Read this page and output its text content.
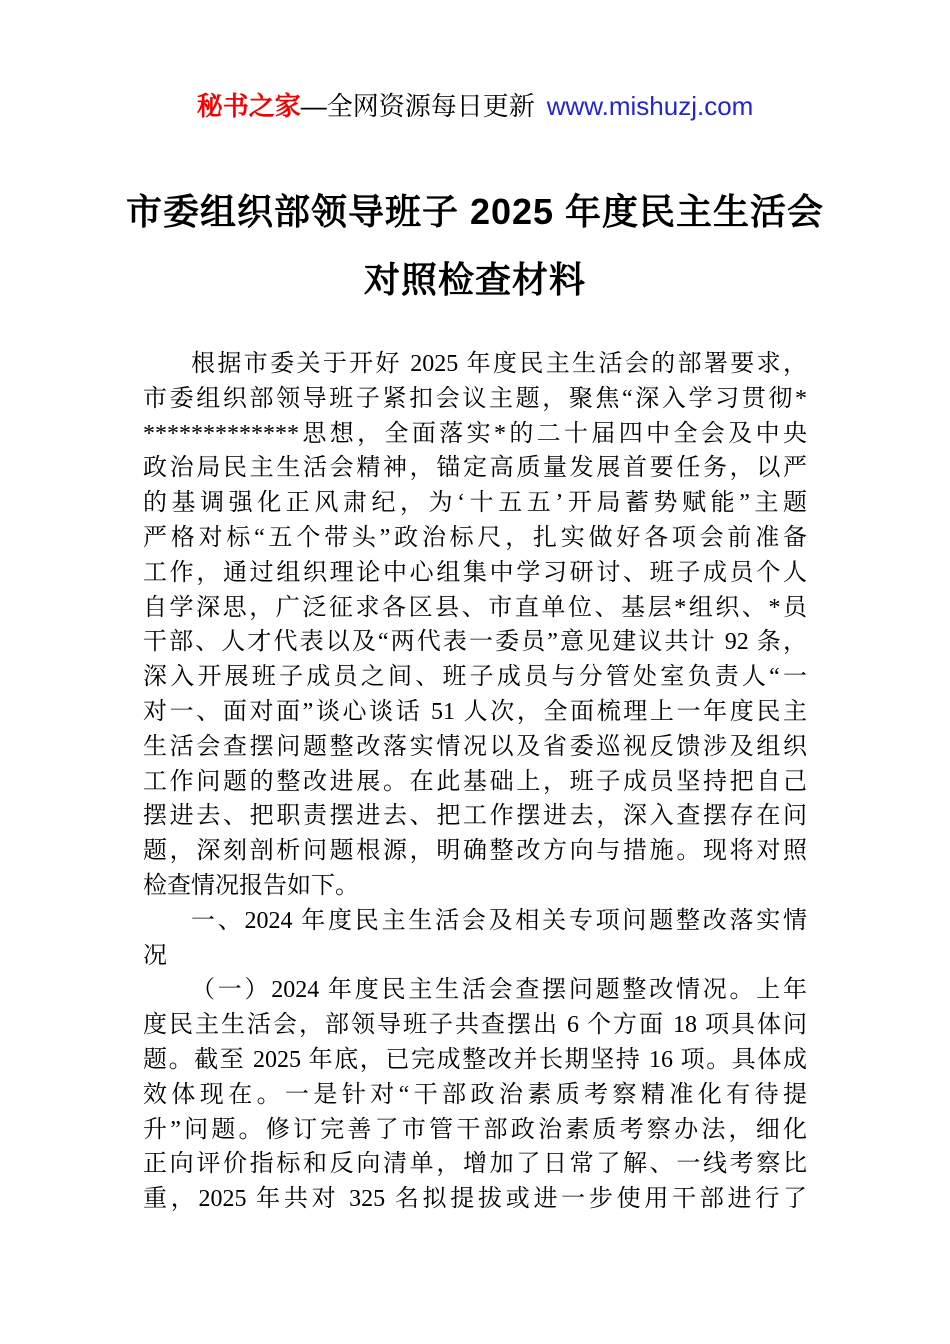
秘书之家—全网资源每日更新 www.mishuzj.com
市委组织部领导班子 2025 年度民主生活会
对照检查材料
根据市委关于开好 2025 年度民主生活会的部署要求，
市委组织部领导班子紧扣会议主题，聚焦“深入学习贯彻*
*************思想，全面落实*的二十届四中全会及中央
政治局民主生活会精神，锚定高质量发展首要任务，以严
的基调强化正风肃纪，为‘十五五’开局蓄势赋能”主题
严格对标“五个带头”政治标尺，扎实做好各项会前准备
工作，通过组织理论中心组集中学习研讨、班子成员个人
自学深思，广泛征求各区县、市直单位、基层*组织、*员
干部、人才代表以及“两代表一委员”意见建议共计 92 条，
深入开展班子成员之间、班子成员与分管处室负责人“一
对一、面对面”谈心谈话 51 人次，全面梳理上一年度民主
生活会查摆问题整改落实情况以及省委巡视反馈涉及组织
工作问题的整改进展。在此基础上，班子成员坚持把自己
摆进去、把职责摆进去、把工作摆进去，深入查摆存在问
题，深刻剖析问题根源，明确整改方向与措施。现将对照
检查情况报告如下。
一、2024 年度民主生活会及相关专项问题整改落实情
况
（一）2024 年度民主生活会查摆问题整改情况。上年
度民主生活会，部领导班子共查摆出 6 个方面 18 项具体问
题。截至 2025 年底，已完成整改并长期坚持 16 项。具体成
效体现在。一是针对“干部政治素质考察精准化有待提
升”问题。修订完善了市管干部政治素质考察办法，细化
正向评价指标和反向清单，增加了日常了解、一线考察比
重，2025 年共对 325 名拟提拔或进一步使用干部进行了
